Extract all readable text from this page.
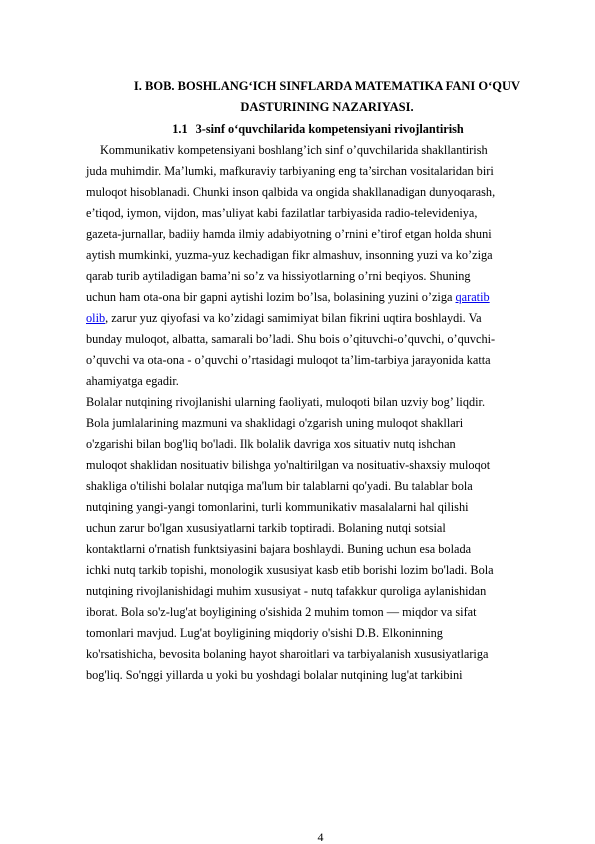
I. BOB. BOSHLANG‘ICH SINFLARDA MATEMATIKA FANI O‘QUV
DASTURINING NAZARIYASI.
1.1 3-sinf o‘quvchilarida kompetensiyani rivojlantirish

Kommunikativ kompetensiyani boshlang’ich sinf o’quvchilarida shakllantirish
juda muhimdir. Ma’lumki, mafkuraviy tarbiyaning eng ta’sirchan vositalaridan biri
muloqot hisoblanadi. Chunki inson qalbida va ongida shakllanadigan dunyoqarash,
e’tiqod, iymon, vijdon, mas’uliyat kabi fazilatlar tarbiyasida radio-televideniya,
gazeta-jurnallar, badiiy hamda ilmiy adabiyotning o’rnini e’tirof etgan holda shuni
aytish mumkinki, yuzma-yuz kechadigan fikr almashuv, insonning yuzi va ko’ziga
qarab turib aytiladigan bama’ni so’z va hissiyotlarning o’rni beqiyos. Shuning
uchun ham ota-ona bir gapni aytishi lozim bo’lsa, bolasining yuzini o’ziga qaratib
olib, zarur yuz qiyofasi va ko’zidagi samimiyat bilan fikrini uqtira boshlaydi. Va
bunday muloqot, albatta, samarali bo’ladi. Shu bois o’qituvchi-o’quvchi, o’quvchi-
o’quvchi va ota-ona - o’quvchi o’rtasidagi muloqot ta’lim-tarbiya jarayonida katta
ahamiyatga egadir.

Bolalar nutqining rivojlanishi ularning faoliyati, muloqoti bilan uzviy bog’ liqdir.
Bola jumlalarining mazmuni va shaklidagi o'zgarish uning muloqot shakllari
o'zgarishi bilan bog'liq bo'ladi. Ilk bolalik davriga xos situativ nutq ishchan
muloqot shaklidan nosituativ bilishga yo'naltirilgan va nosituativ-shaxsiy muloqot
shakliga o'tilishi bolalar nutqiga ma'lum bir talablarni qo'yadi. Bu talablar bola
nutqining yangi-yangi tomonlarini, turli kommunikativ masalalarni hal qilishi
uchun zarur bo'lgan xususiyatlarni tarkib toptiradi. Bolaning nutqi sotsial
kontaktlarni o'rnatish funktsiyasini bajara boshlaydi. Buning uchun esa bolada
ichki nutq tarkib topishi, monologik xususiyat kasb etib borishi lozim bo'ladi. Bola
nutqining rivojlanishidagi muhim xususiyat - nutq tafakkur quroliga aylanishidan
iborat. Bola so'z-lug'at boyligining o'sishida 2 muhim tomon — miqdor va sifat
tomonlari mavjud. Lug'at boyligining miqdoriy o'sishi D.B. Elkoninning
ko'rsatishicha, bevosita bolaning hayot sharoitlari va tarbiyalanish xususiyatlariga
bog'liq. So'nggi yillarda u yoki bu yoshdagi bolalar nutqining lug'at tarkibini

4
